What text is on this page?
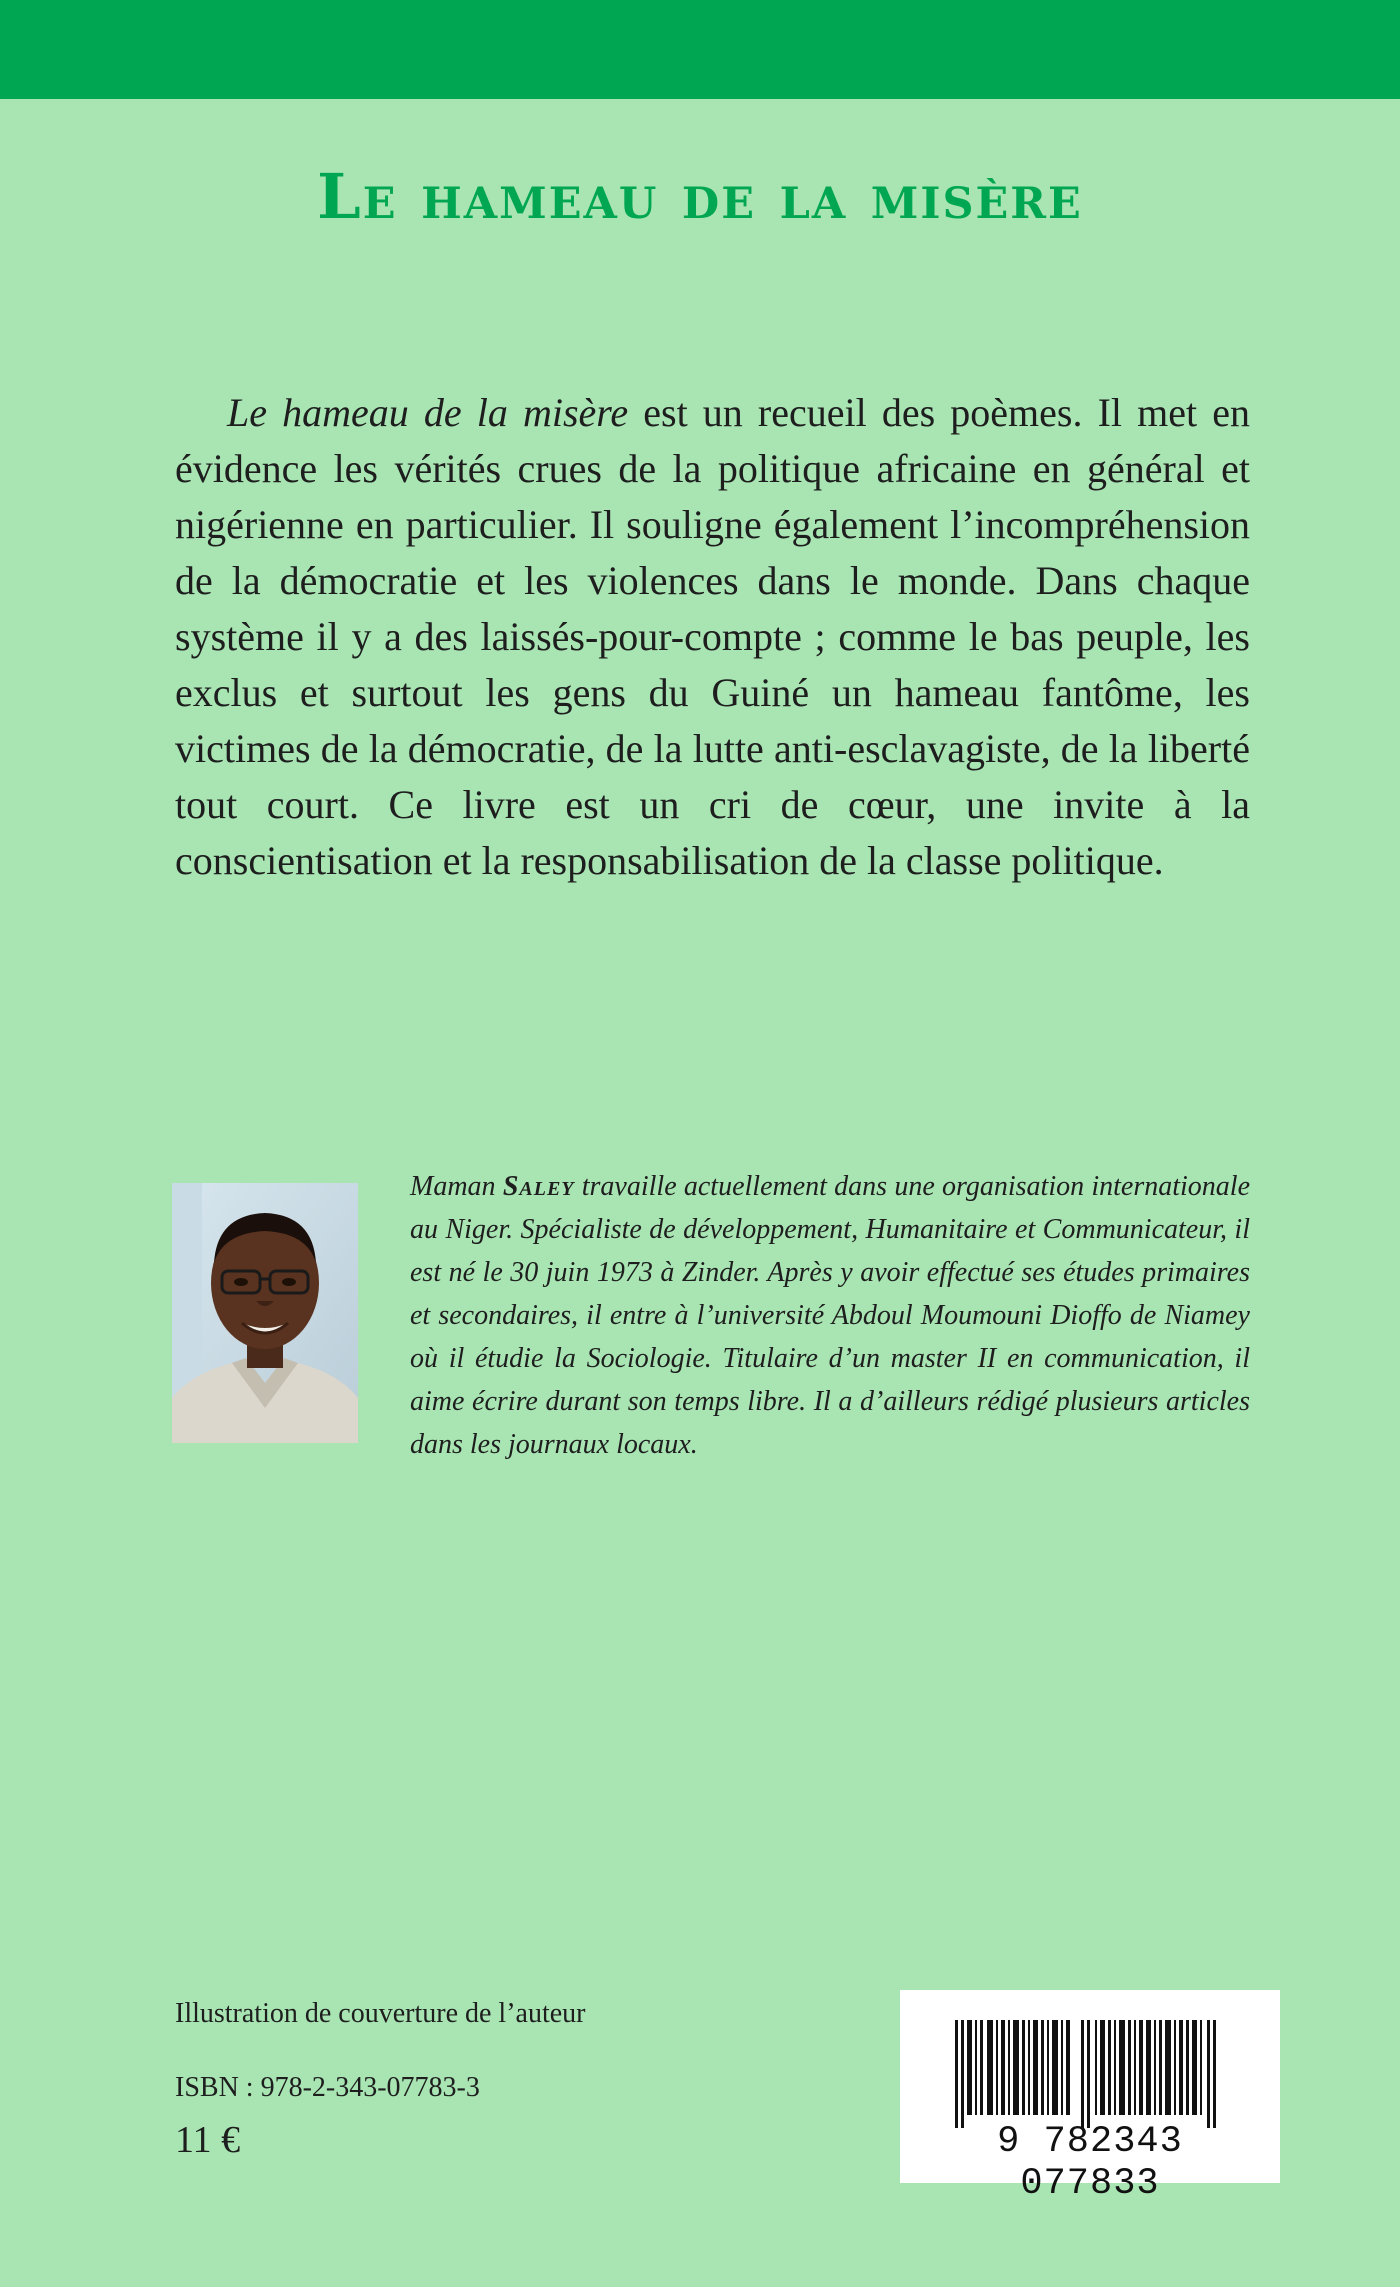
Le hameau de la misère

Le hameau de la misère est un recueil des poèmes. Il met en évidence les vérités crues de la politique africaine en général et nigérienne en particulier. Il souligne également l’incompréhension de la démocratie et les violences dans le monde. Dans chaque système il y a des laissés-pour-compte ; comme le bas peuple, les exclus et surtout les gens du Guiné un hameau fantôme, les victimes de la démocratie, de la lutte anti-esclavagiste, de la liberté tout court. Ce livre est un cri de cœur, une invite à la conscientisation et la responsabilisation de la classe politique.

Maman Saley travaille actuellement dans une organisation internationale au Niger. Spécialiste de développement, Humanitaire et Communicateur, il est né le 30 juin 1973 à Zinder. Après y avoir effectué ses études primaires et secondaires, il entre à l’université Abdoul Moumouni Dioffo de Niamey où il étudie la Sociologie. Titulaire d’un master II en communication, il aime écrire durant son temps libre. Il a d’ailleurs rédigé plusieurs articles dans les journaux locaux.

Illustration de couverture de l’auteur

ISBN : 978-2-343-07783-3

11 €	9 782343 077833
